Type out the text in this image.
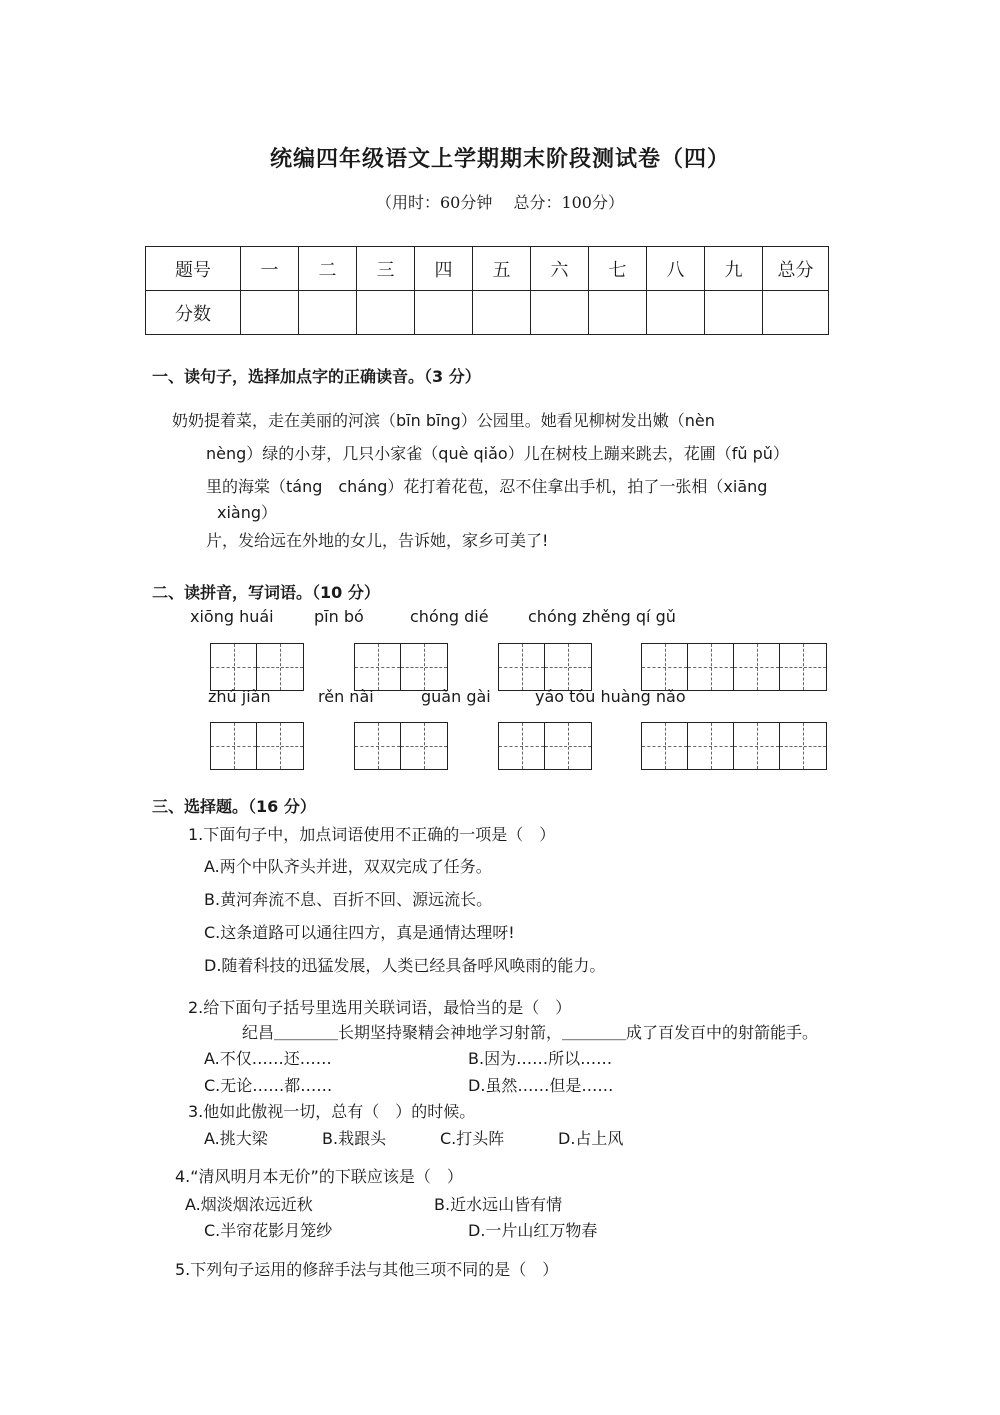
统编四年级语文上学期期末阶段测试卷（四）
（用时：60分钟　 总分：100分）
题号	一	二	三	四	五	六	七	八	九	总分
分数										
一、读句子，选择加点字的正确读音。（3 分）
奶奶提着菜，走在美丽的河滨（bīn bīng）公园里。她看见柳树发出嫩（nèn
nèng）绿的小芽，几只小家雀（què qiǎo）儿在树枝上蹦来跳去，花圃（fǔ pǔ）
里的海棠（táng　cháng）花打着花苞，忍不住拿出手机，拍了一张相（xiāng
xiàng）
片，发给远在外地的女儿，告诉她，家乡可美了!
二、读拼音，写词语。（10 分）
xiōng huái	pīn bó	chóng dié chóng zhěng qí gǔ
zhú jiàn	rěn nài	guàn gài	yáo tóu huàng nǎo
三、选择题。（16 分）
1.下面句子中，加点词语使用不正确的一项是（　）
A.两个中队齐头并进，双双完成了任务。
B.黄河奔流不息、百折不回、源远流长。
C.这条道路可以通往四方，真是通情达理呀!
D.随着科技的迅猛发展，人类已经具备呼风唤雨的能力。
2.给下面句子括号里选用关联词语，最恰当的是（　）
纪昌＿＿＿＿长期坚持聚精会神地学习射箭，＿＿＿＿成了百发百中的射箭能手。
A.不仅……还……	B.因为……所以……
C.无论……都……	D.虽然……但是……
3.他如此傲视一切，总有（　）的时候。
A.挑大梁	B.栽跟头	C.打头阵	D.占上风
4.“清风明月本无价”的下联应该是（　）
A.烟淡烟浓远近秋	B.近水远山皆有情
C.半帘花影月笼纱	D.一片山红万物春
5.下列句子运用的修辞手法与其他三项不同的是（　）
